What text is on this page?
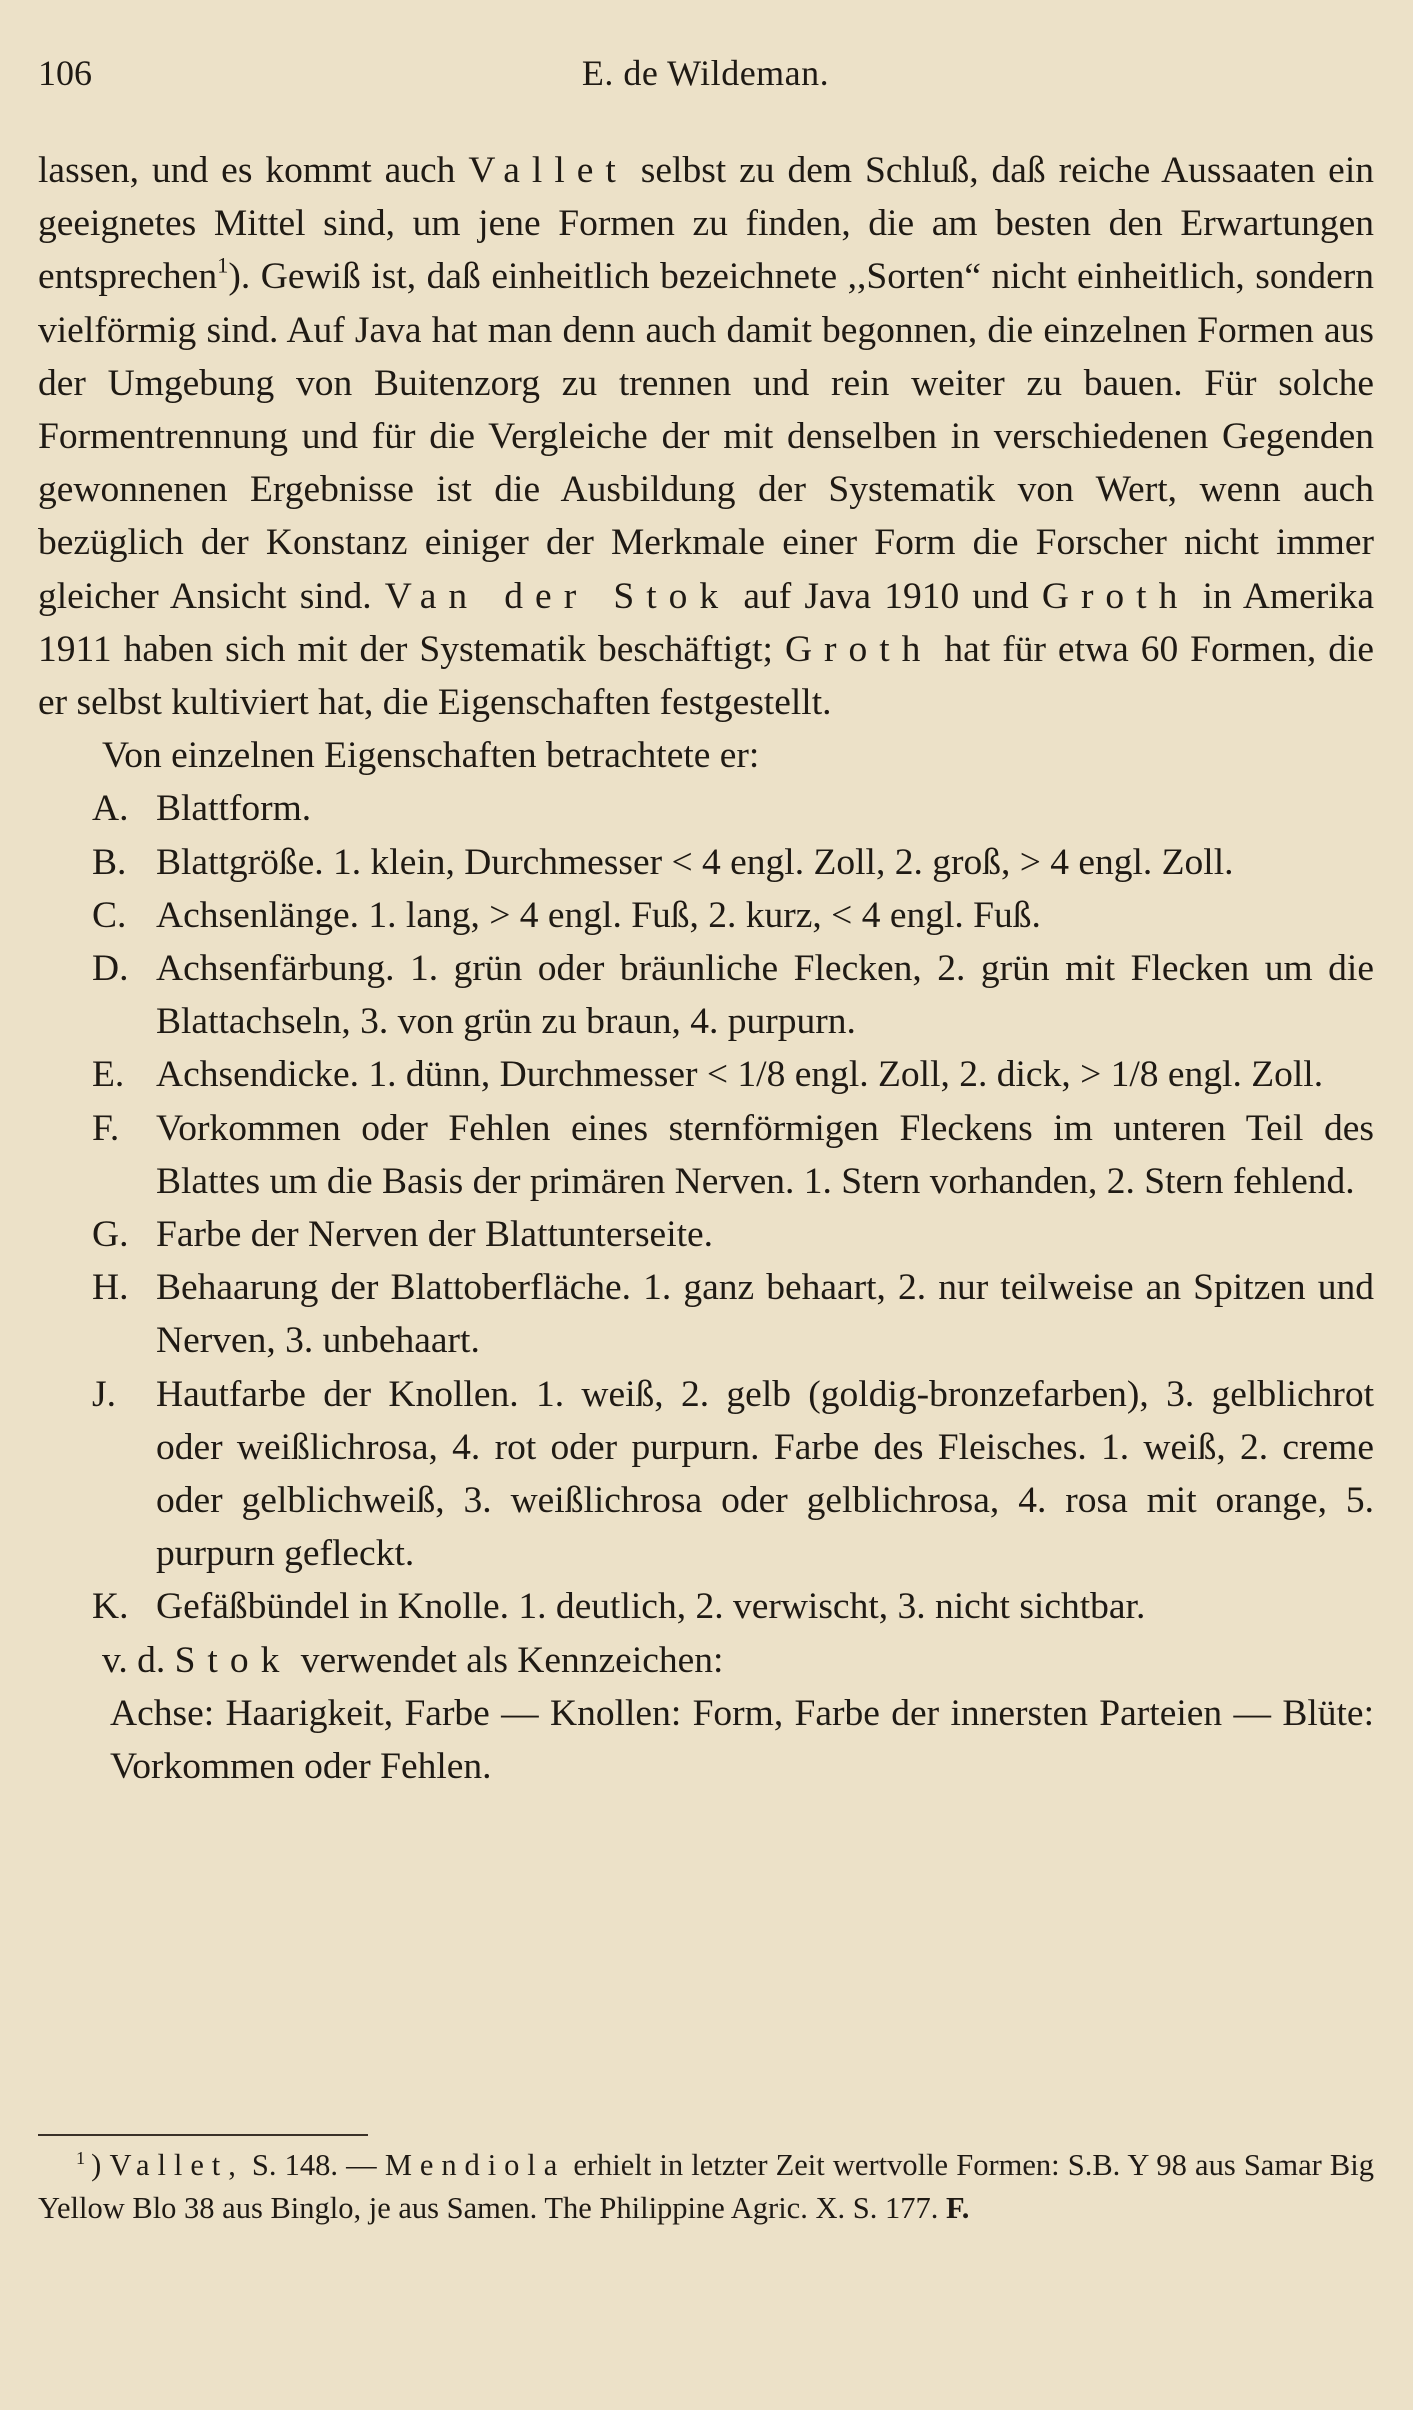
106	E. de Wildeman.

lassen, und es kommt auch Vallet selbst zu dem Schluß, daß reiche Aussaaten ein geeignetes Mittel sind, um jene Formen zu finden, die am besten den Erwartungen entsprechen$^1$). Gewiß ist, daß einheitlich bezeichnete ,,Sorten“ nicht einheitlich, sondern vielförmig sind. Auf Java hat man denn auch damit begonnen, die einzelnen Formen aus der Umgebung von Buitenzorg zu trennen und rein weiter zu bauen. Für solche Formentrennung und für die Vergleiche der mit denselben in verschiedenen Gegenden gewonnenen Ergebnisse ist die Ausbildung der Systematik von Wert, wenn auch bezüglich der Konstanz einiger der Merkmale einer Form die Forscher nicht immer gleicher Ansicht sind. Van der Stok auf Java 1910 und Groth in Amerika 1911 haben sich mit der Systematik beschäftigt; Groth hat für etwa 60 Formen, die er selbst kultiviert hat, die Eigenschaften festgestellt.

Von einzelnen Eigenschaften betrachtete er:

A. Blattform.
B. Blattgröße. 1. klein, Durchmesser < 4 engl. Zoll, 2. groß, > 4 engl. Zoll.
C. Achsenlänge. 1. lang, > 4 engl. Fuß, 2. kurz, < 4 engl. Fuß.
D. Achsenfärbung. 1. grün oder bräunliche Flecken, 2. grün mit Flecken um die Blattachseln, 3. von grün zu braun, 4. purpurn.
E. Achsendicke. 1. dünn, Durchmesser < 1/8 engl. Zoll, 2. dick, > 1/8 engl. Zoll.
F. Vorkommen oder Fehlen eines sternförmigen Fleckens im unteren Teil des Blattes um die Basis der primären Nerven. 1. Stern vorhanden, 2. Stern fehlend.
G. Farbe der Nerven der Blattunterseite.
H. Behaarung der Blattoberfläche. 1. ganz behaart, 2. nur teilweise an Spitzen und Nerven, 3. unbehaart.
J. Hautfarbe der Knollen. 1. weiß, 2. gelb (goldig-bronzefarben), 3. gelblichrot oder weißlichrosa, 4. rot oder purpurn. Farbe des Fleisches. 1. weiß, 2. creme oder gelblichweiß, 3. weißlichrosa oder gelblichrosa, 4. rosa mit orange, 5. purpurn gefleckt.
K. Gefäßbündel in Knolle. 1. deutlich, 2. verwischt, 3. nicht sichtbar.

v. d. Stok verwendet als Kennzeichen:

Achse: Haarigkeit, Farbe — Knollen: Form, Farbe der innersten Parteien — Blüte: Vorkommen oder Fehlen.

$^1$ ) Vallet, S. 148. — Mendiola erhielt in letzter Zeit wertvolle Formen: S.B. Y 98 aus Samar Big Yellow Blo 38 aus Binglo, je aus Samen. The Philippine Agric. X. S. 177. F.
